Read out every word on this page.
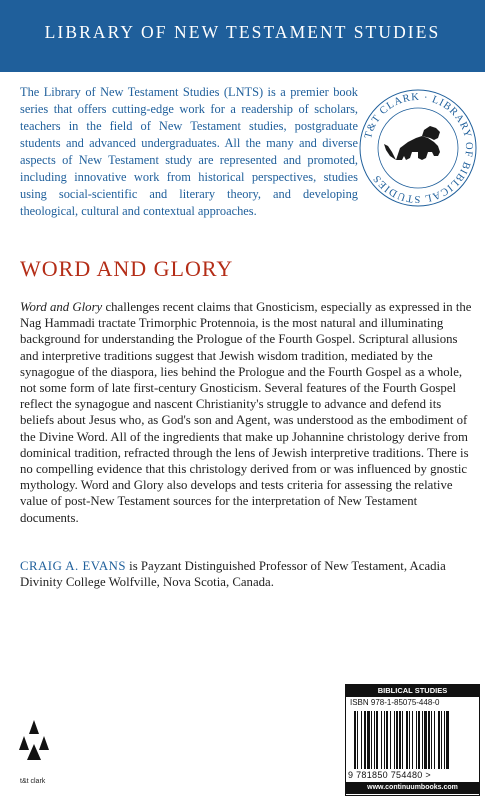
LIBRARY OF NEW TESTAMENT STUDIES
The Library of New Testament Studies (LNTS) is a premier book series that offers cutting-edge work for a readership of scholars, teachers in the field of New Testament studies, postgraduate students and advanced undergraduates. All the many and diverse aspects of New Testament study are represented and promoted, including innovative work from historical perspectives, studies using social-scientific and literary theory, and developing theological, cultural and contextual approaches.
T&T CLARK · LIBRARY OF BIBLICAL STUDIES
WORD AND GLORY
Word and Glory challenges recent claims that Gnosticism, especially as expressed in the Nag Hammadi tractate Trimorphic Protennoia, is the most natural and illuminating background for understanding the Prologue of the Fourth Gospel. Scriptural allusions and interpretive traditions suggest that Jewish wisdom tradition, mediated by the synagogue of the diaspora, lies behind the Prologue and the Fourth Gospel as a whole, not some form of late first-century Gnosticism. Several features of the Fourth Gospel reflect the synagogue and nascent Christianity's struggle to advance and defend its beliefs about Jesus who, as God's son and Agent, was understood as the embodiment of the Divine Word. All of the ingredients that make up Johannine christology derive from dominical tradition, refracted through the lens of Jewish interpretive traditions. There is no compelling evidence that this christology derived from or was influenced by gnostic mythology. Word and Glory also develops and tests criteria for assessing the relative value of post-New Testament sources for the interpretation of New Testament documents.
CRAIG A. EVANS is Payzant Distinguished Professor of New Testament, Acadia Divinity College Wolfville, Nova Scotia, Canada.
t&t clark
BIBLICAL STUDIES
ISBN 978-1-85075-448-0
9 781850 754480 >
www.continuumbooks.com
